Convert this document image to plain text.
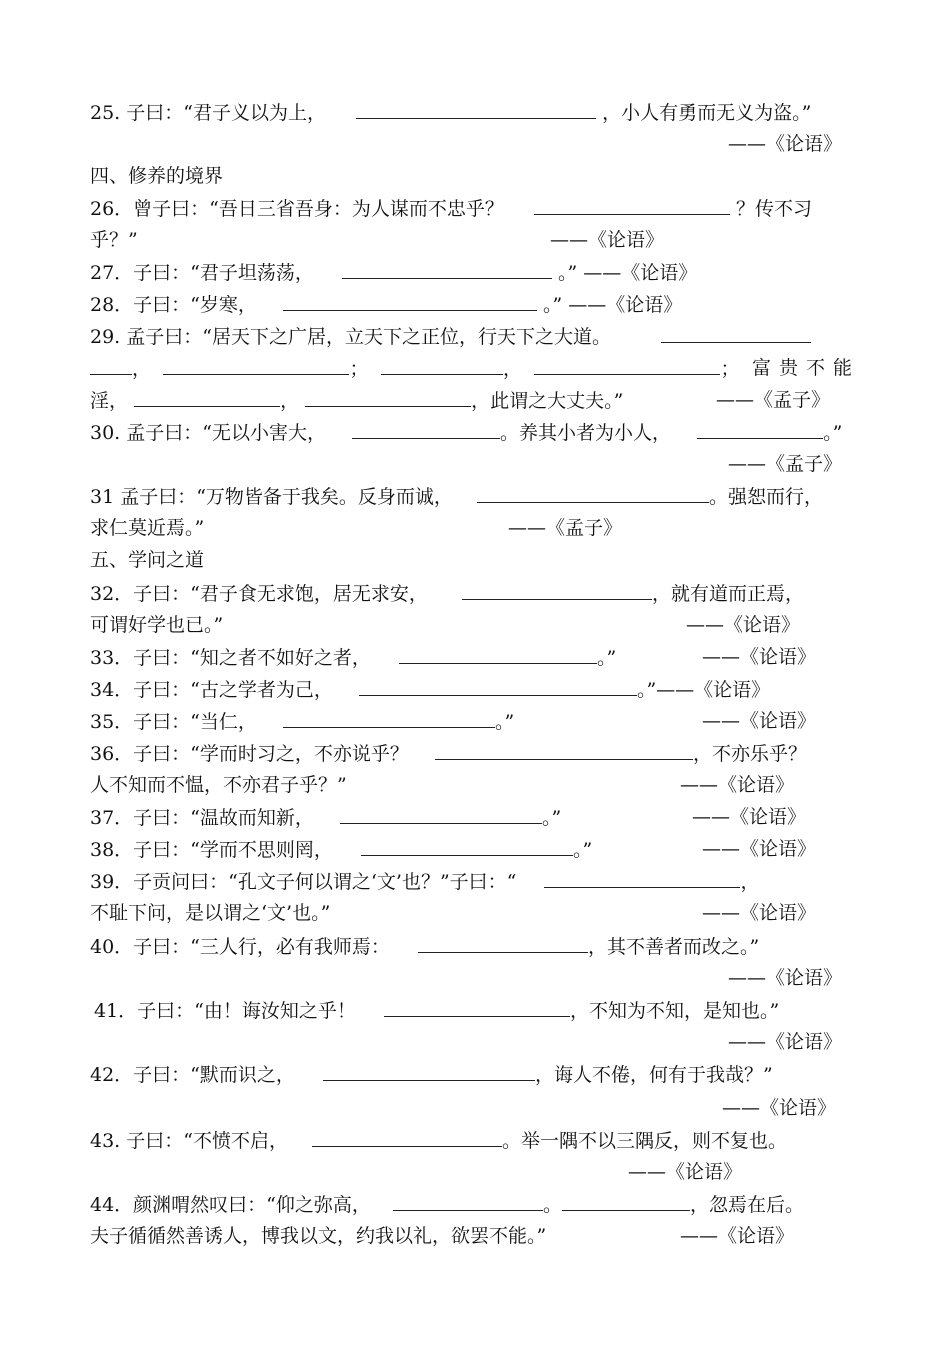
25. 子曰：“君子义以为上，	，小人有勇而无义为盗。”
——《论语》
四、修养的境界
26．曾子曰：“吾日三省吾身：为人谋而不忠乎？	？传不习
乎？”	——《论语》
27．子曰：“君子坦荡荡，	。” ——《论语》
28．子曰：“岁寒，	。” ——《论语》
29. 孟子曰：“居天下之广居，立天下之正位，行天下之大道。
，	；	，	； 富贵不能
淫，	，	，此谓之大丈夫。”	——《孟子》
30. 孟子曰：“无以小害大，	。养其小者为小人，	。”
——《孟子》
31 孟子曰：“万物皆备于我矣。反身而诚，	。强恕而行，
求仁莫近焉。”	——《孟子》
五、学问之道
32．子曰：“君子食无求饱，居无求安，	，就有道而正焉，
可谓好学也已。”	——《论语》
33．子曰：“知之者不如好之者，	。”	——《论语》
34．子曰：“古之学者为己，	。”——《论语》
35．子曰：“当仁，	。”	——《论语》
36．子曰：“学而时习之，不亦说乎？	，不亦乐乎？
人不知而不愠，不亦君子乎？”	——《论语》
37．子曰：“温故而知新，	。”	——《论语》
38．子曰：“学而不思则罔，	。”	——《论语》
39．子贡问曰：“孔文子何以谓之‘文’也？”子曰：“	，
不耻下问，是以谓之‘文’也。”	——《论语》
40．子曰：“三人行，必有我师焉：	，其不善者而改之。”
——《论语》
41．子曰：“由！诲汝知之乎！	，不知为不知，是知也。”
——《论语》
42．子曰：“默而识之，	，诲人不倦，何有于我哉？”
——《论语》
43. 子曰：“不愤不启，	。举一隅不以三隅反，则不复也。
——《论语》
44．颜渊喟然叹曰：“仰之弥高，	。	，忽焉在后。
夫子循循然善诱人，博我以文，约我以礼，欲罢不能。”	——《论语》
